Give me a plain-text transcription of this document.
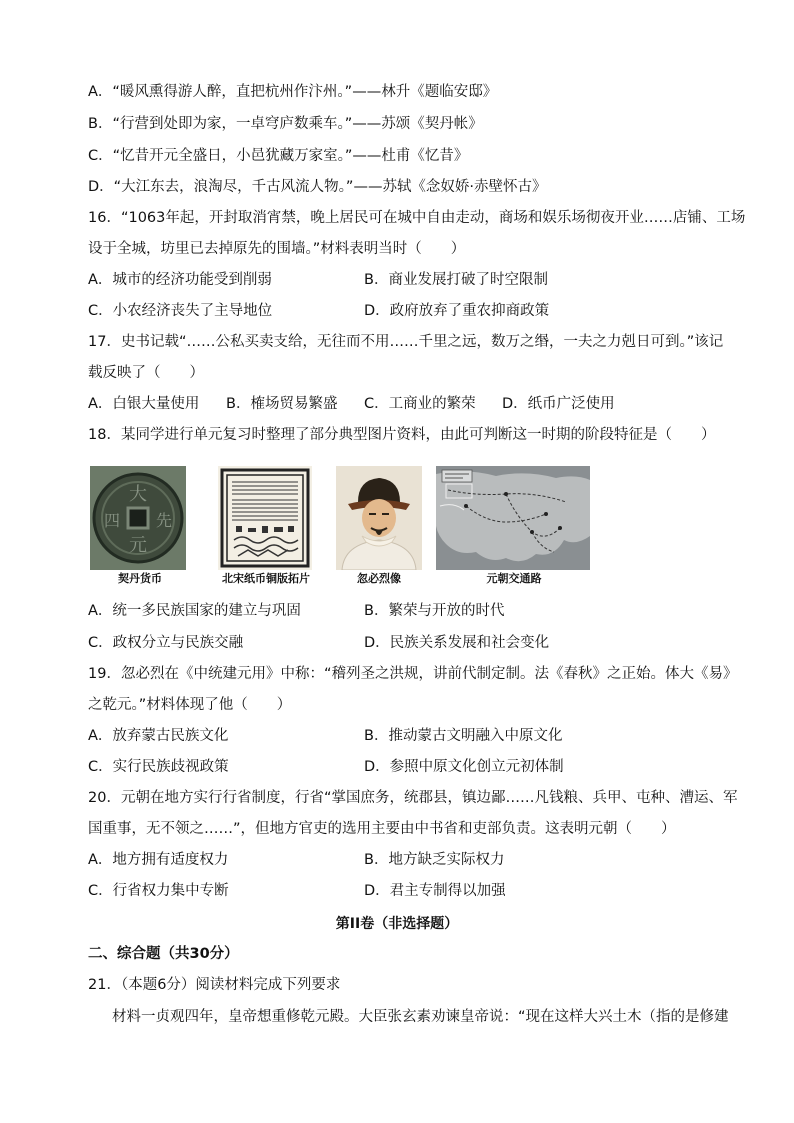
A．“暖风熏得游人醉，直把杭州作汴州。”——林升《题临安邸》
B．“行营到处即为家，一卓穹庐数乘车。”——苏颂《契丹帐》
C．“忆昔开元全盛日，小邑犹藏万家室。”——杜甫《忆昔》
D．“大江东去，浪淘尽，千古风流人物。”——苏轼《念奴娇·赤壁怀古》
16．“1063年起，开封取消宵禁，晚上居民可在城中自由走动，商场和娱乐场彻夜开业……店铺、工场
设于全城，坊里已去掉原先的围墙。”材料表明当时（　　）
A．城市的经济功能受到削弱	B．商业发展打破了时空限制
C．小农经济丧失了主导地位	D．政府放弃了重农抑商政策
17．史书记载“……公私买卖支给，无往而不用……千里之远，数万之缗，一夫之力剋日可到。”该记
载反映了（　　）
A．白银大量使用 B．榷场贸易繁盛 C．工商业的繁荣 D．纸币广泛使用
18．某同学进行单元复习时整理了部分典型图片资料，由此可判断这一时期的阶段特征是（　　）
大
元
四 先
契丹货币	北宋纸币铜版拓片	忽必烈像	元朝交通路
A．统一多民族国家的建立与巩固	B．繁荣与开放的时代
C．政权分立与民族交融	D．民族关系发展和社会变化
19．忽必烈在《中统建元用》中称：“稽列圣之洪规，讲前代制定制。法《春秋》之正始。体大《易》
之乾元。”材料体现了他（　　）
A．放弃蒙古民族文化	B．推动蒙古文明融入中原文化
C．实行民族歧视政策	D．参照中原文化创立元初体制
20．元朝在地方实行行省制度，行省“掌国庶务，统郡县，镇边鄙……凡钱粮、兵甲、屯种、漕运、军
国重事，无不领之……”，但地方官吏的选用主要由中书省和吏部负责。这表明元朝（　　）
A．地方拥有适度权力	B．地方缺乏实际权力
C．行省权力集中专断	D．君主专制得以加强
第II卷（非选择题）
二、综合题（共30分）
21．（本题6分）阅读材料完成下列要求
材料一贞观四年，皇帝想重修乾元殿。大臣张玄素劝谏皇帝说：“现在这样大兴土木（指的是修建
